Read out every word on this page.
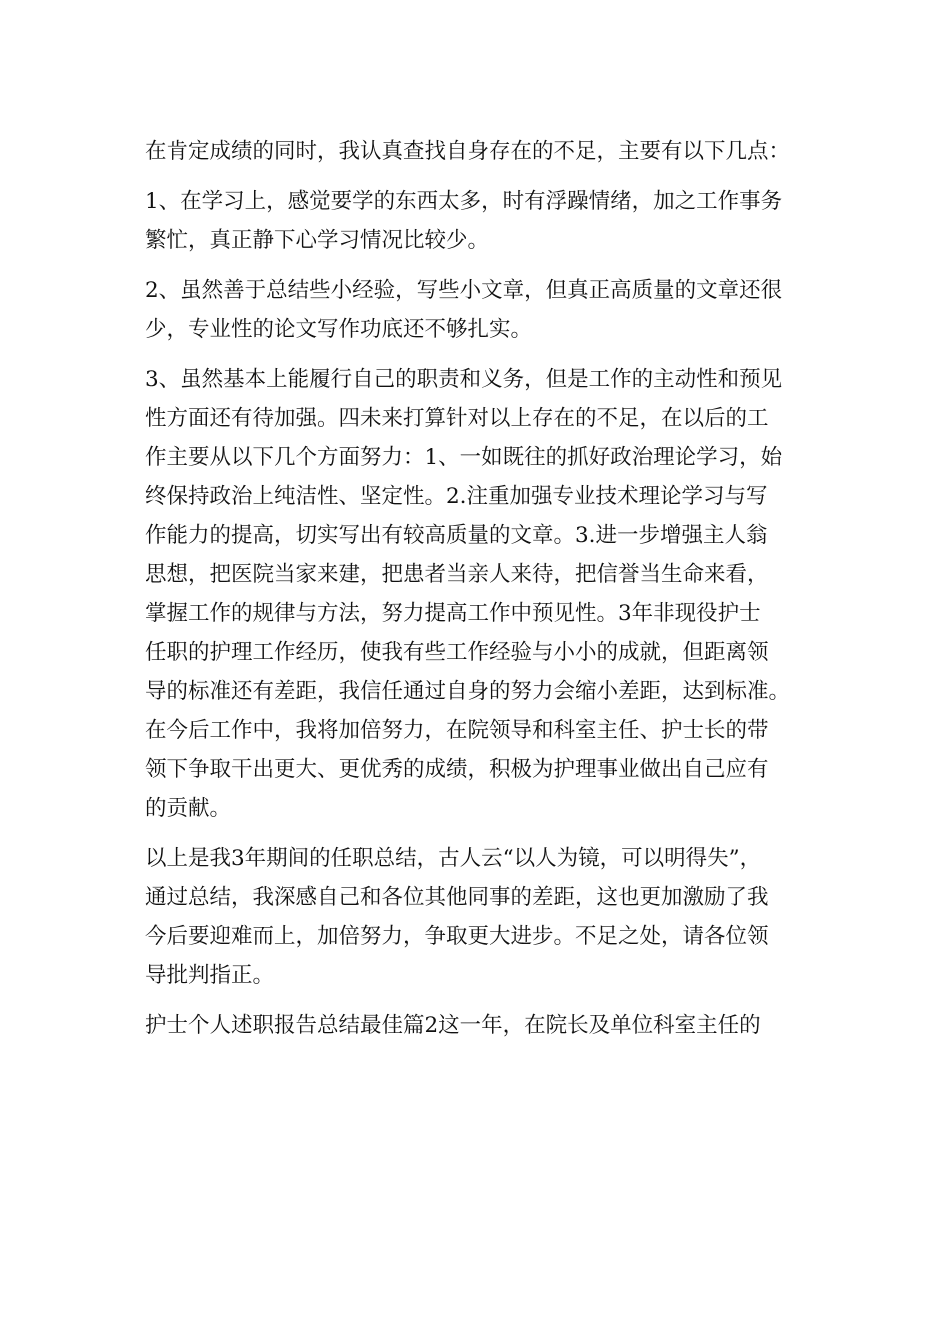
在肯定成绩的同时，我认真查找自身存在的不足，主要有以下几点：
1、在学习上，感觉要学的东西太多，时有浮躁情绪，加之工作事务
繁忙，真正静下心学习情况比较少。
2、虽然善于总结些小经验，写些小文章，但真正高质量的文章还很
少，专业性的论文写作功底还不够扎实。
3、虽然基本上能履行自己的职责和义务，但是工作的主动性和预见
性方面还有待加强。四未来打算针对以上存在的不足，在以后的工
作主要从以下几个方面努力：1、一如既往的抓好政治理论学习，始
终保持政治上纯洁性、坚定性。2.注重加强专业技术理论学习与写
作能力的提高，切实写出有较高质量的文章。3.进一步增强主人翁
思想，把医院当家来建，把患者当亲人来待，把信誉当生命来看，
掌握工作的规律与方法，努力提高工作中预见性。3年非现役护士
任职的护理工作经历，使我有些工作经验与小小的成就，但距离领
导的标准还有差距，我信任通过自身的努力会缩小差距，达到标准。
在今后工作中，我将加倍努力，在院领导和科室主任、护士长的带
领下争取干出更大、更优秀的成绩，积极为护理事业做出自己应有
的贡献。
以上是我3年期间的任职总结，古人云“以人为镜，可以明得失”，
通过总结，我深感自己和各位其他同事的差距，这也更加激励了我
今后要迎难而上，加倍努力，争取更大进步。不足之处，请各位领
导批判指正。
护士个人述职报告总结最佳篇2这一年，在院长及单位科室主任的
